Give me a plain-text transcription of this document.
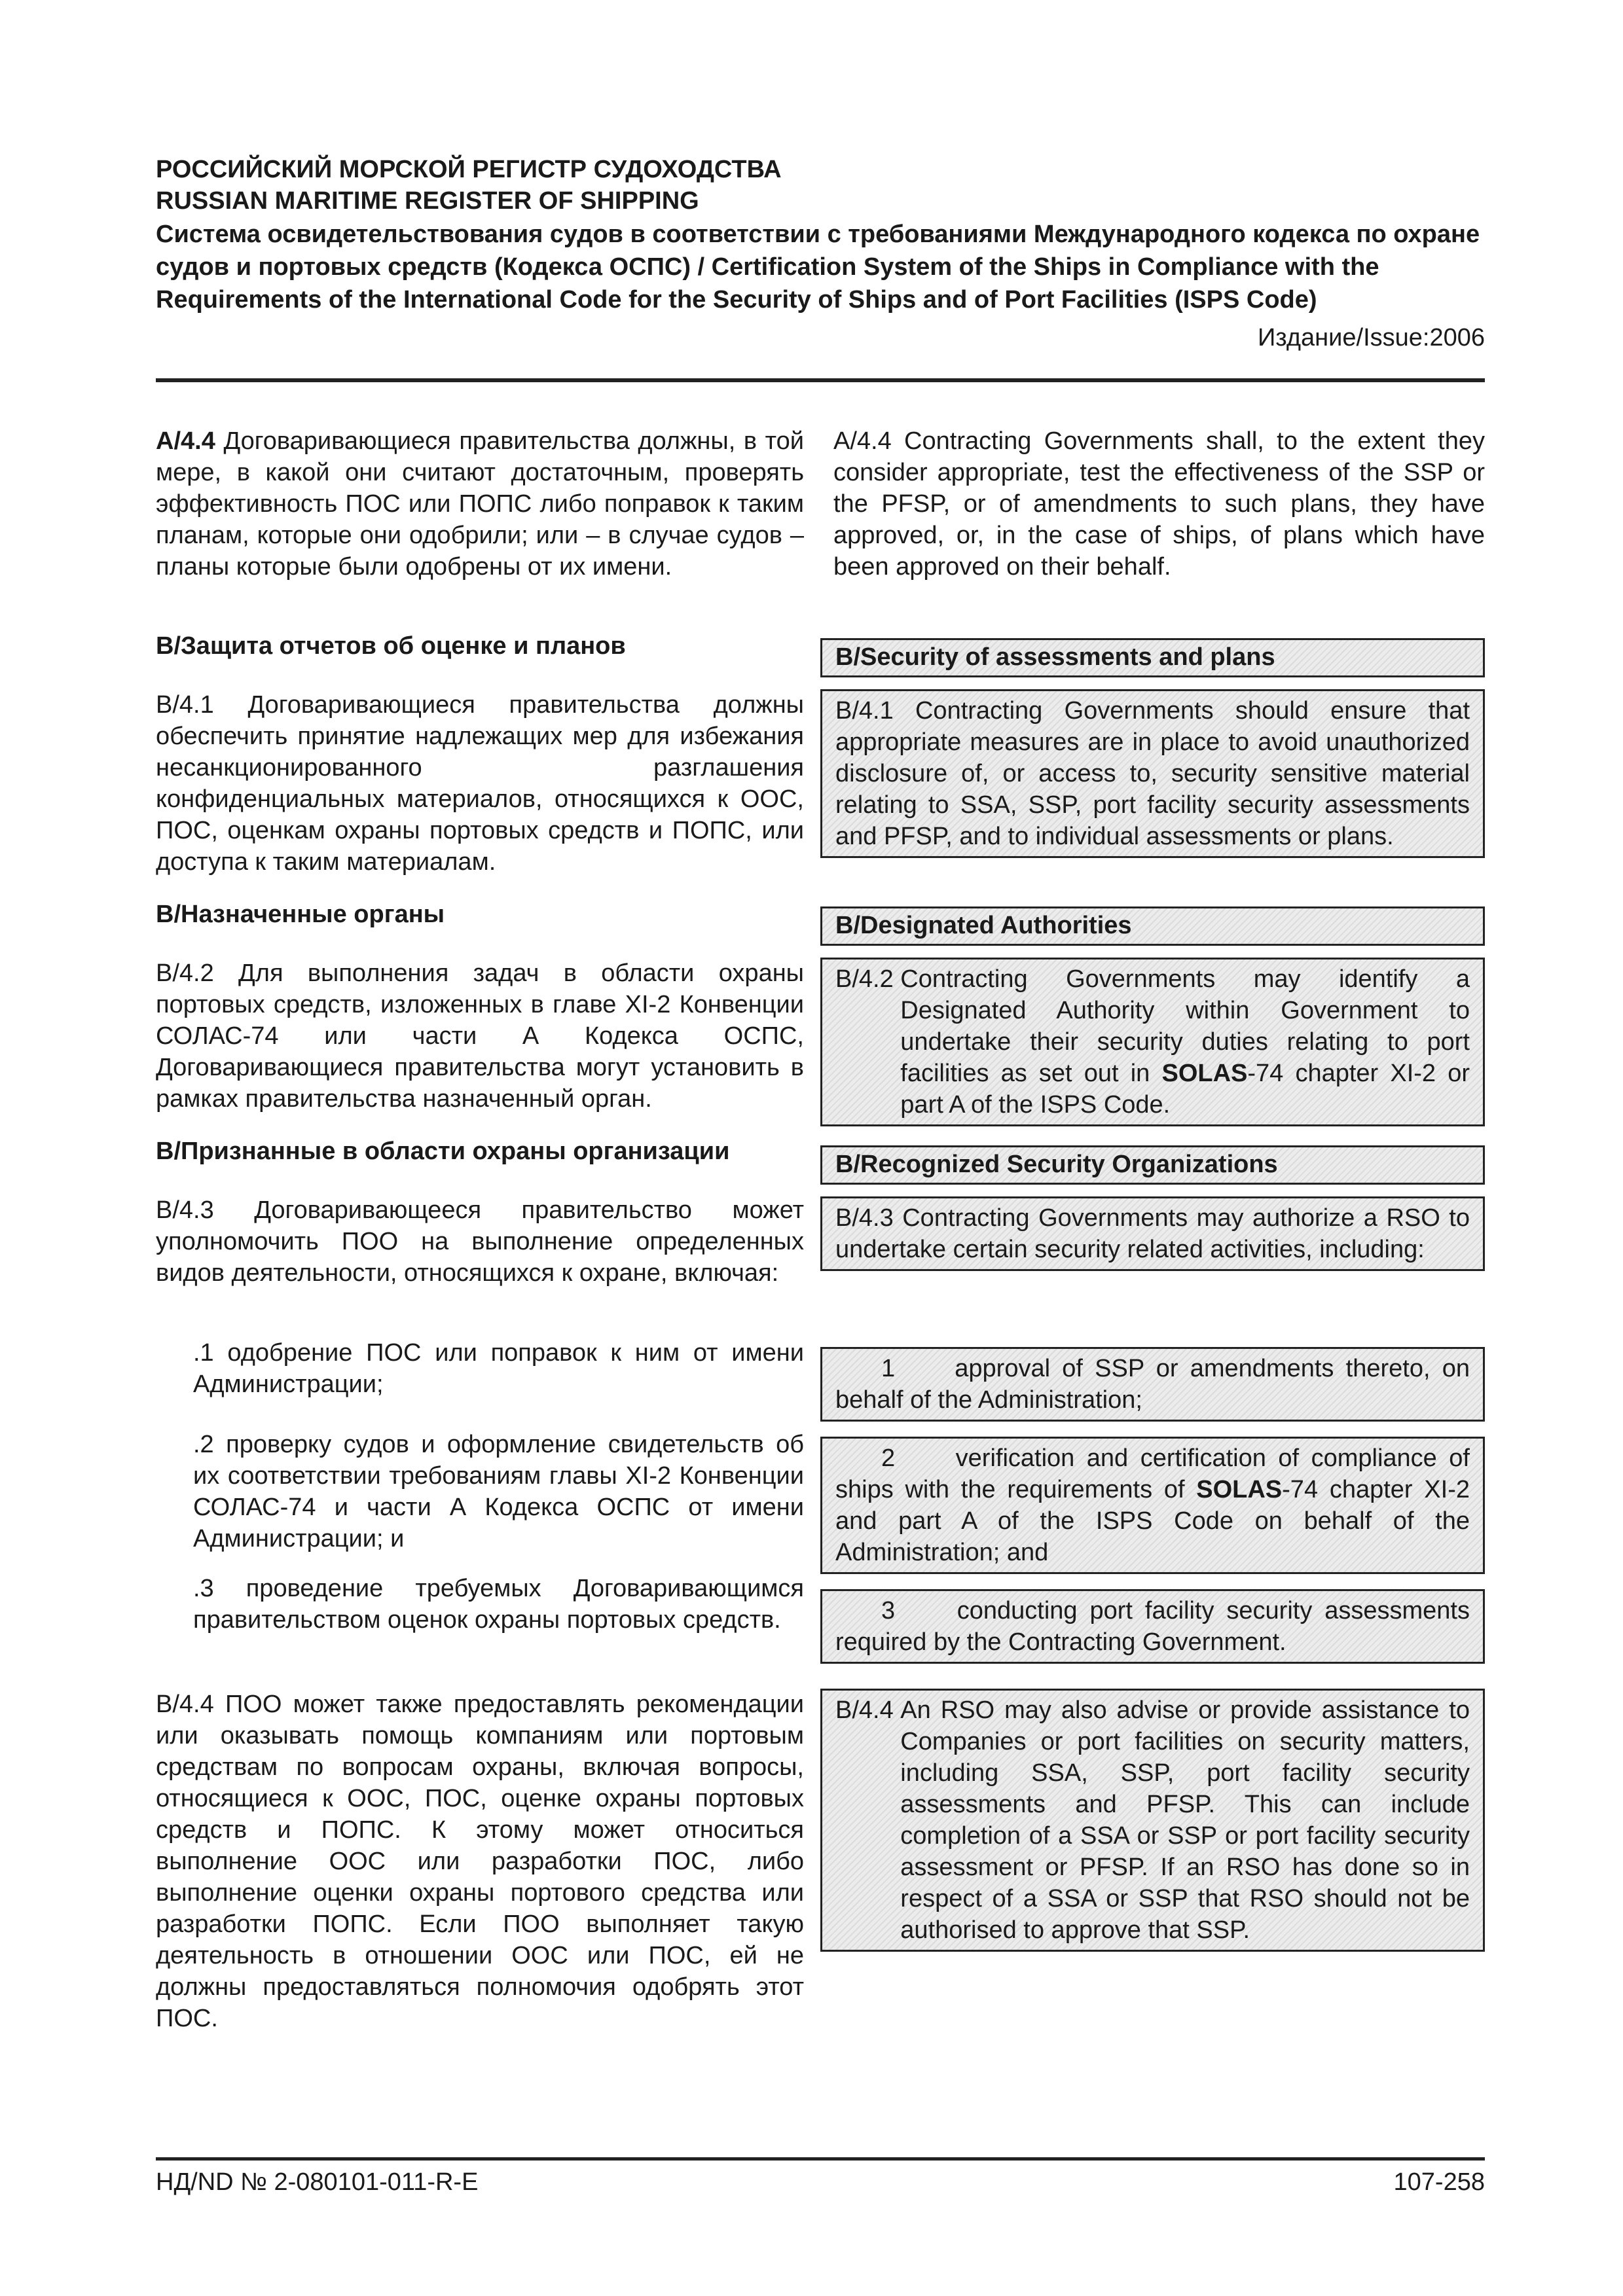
РОССИЙСКИЙ МОРСКОЙ РЕГИСТР СУДОХОДСТВА

RUSSIAN MARITIME REGISTER OF SHIPPING

Система освидетельствования судов в соответствии с требованиями Международного кодекса по охране судов и портовых средств (Кодекса ОСПС) / Certification System of the Ships in Compliance with the Requirements of the International Code for the Security of Ships and of Port Facilities (ISPS Code)

Издание/Issue:2006

А/4.4 Договаривающиеся правительства должны, в той мере, в какой они считают достаточным, проверять эффективность ПОС или ПОПС либо поправок к таким планам, которые они одобрили; или – в случае судов – планы которые были одобрены от их имени.

В/Защита отчетов об оценке и планов

В/4.1 Договаривающиеся правительства должны обеспечить принятие надлежащих мер для избежания несанкционированного разглашения конфиденциальных материалов, относящихся к ООС, ПОС, оценкам охраны портовых средств и ПОПС, или доступа к таким материалам.

В/Назначенные органы

В/4.2 Для выполнения задач в области охраны портовых средств, изложенных в главе XI-2 Конвенции СОЛАС-74 или части А Кодекса ОСПС, Договаривающиеся правительства могут установить в рамках правительства назначенный орган.

В/Признанные в области охраны организации

В/4.3 Договаривающееся правительство может уполномочить ПОО на выполнение определенных видов деятельности, относящихся к охране, включая:

.1 одобрение ПОС или поправок к ним от имени Администрации;

.2 проверку судов и оформление свидетельств об их соответствии требованиям главы XI-2 Конвенции СОЛАС-74 и части А Кодекса ОСПС от имени Администрации; и

.3 проведение требуемых Договаривающимся правительством оценок охраны портовых средств.

В/4.4 ПОО может также предоставлять рекомендации или оказывать помощь компаниям или портовым средствам по вопросам охраны, включая вопросы, относящиеся к ООС, ПОС, оценке охраны портовых средств и ПОПС. К этому может относиться выполнение ООС или разработки ПОС, либо выполнение оценки охраны портового средства или разработки ПОПС. Если ПОО выполняет такую деятельность в отношении ООС или ПОС, ей не должны предоставляться полномочия одобрять этот ПОС.

A/4.4 Contracting Governments shall, to the extent they consider appropriate, test the effectiveness of the SSP or the PFSP, or of amendments to such plans, they have approved, or, in the case of ships, of plans which have been approved on their behalf.

B/Security of assessments and plans
B/4.1 Contracting Governments should ensure that appropriate measures are in place to avoid unauthorized disclosure of, or access to, security sensitive material relating to SSA, SSP, port facility security assessments and PFSP, and to individual assessments or plans.
B/Designated Authorities
B/4.2 Contracting Governments may identify a Designated Authority within Government to undertake their security duties relating to port facilities as set out in SOLAS-74 chapter XI-2 or part A of the ISPS Code.
B/Recognized Security Organizations
B/4.3 Contracting Governments may authorize a RSO to undertake certain security related activities, including:
1 approval of SSP or amendments thereto, on behalf of the Administration;
2 verification and certification of compliance of ships with the requirements of SOLAS-74 chapter XI-2 and part A of the ISPS Code on behalf of the Administration; and
3 conducting port facility security assessments required by the Contracting Government.
B/4.4 An RSO may also advise or provide assistance to Companies or port facilities on security matters, including SSA, SSP, port facility security assessments and PFSP. This can include completion of a SSA or SSP or port facility security assessment or PFSP. If an RSO has done so in respect of a SSA or SSP that RSO should not be authorised to approve that SSP.
НД/ND № 2-080101-011-R-E	107-258
